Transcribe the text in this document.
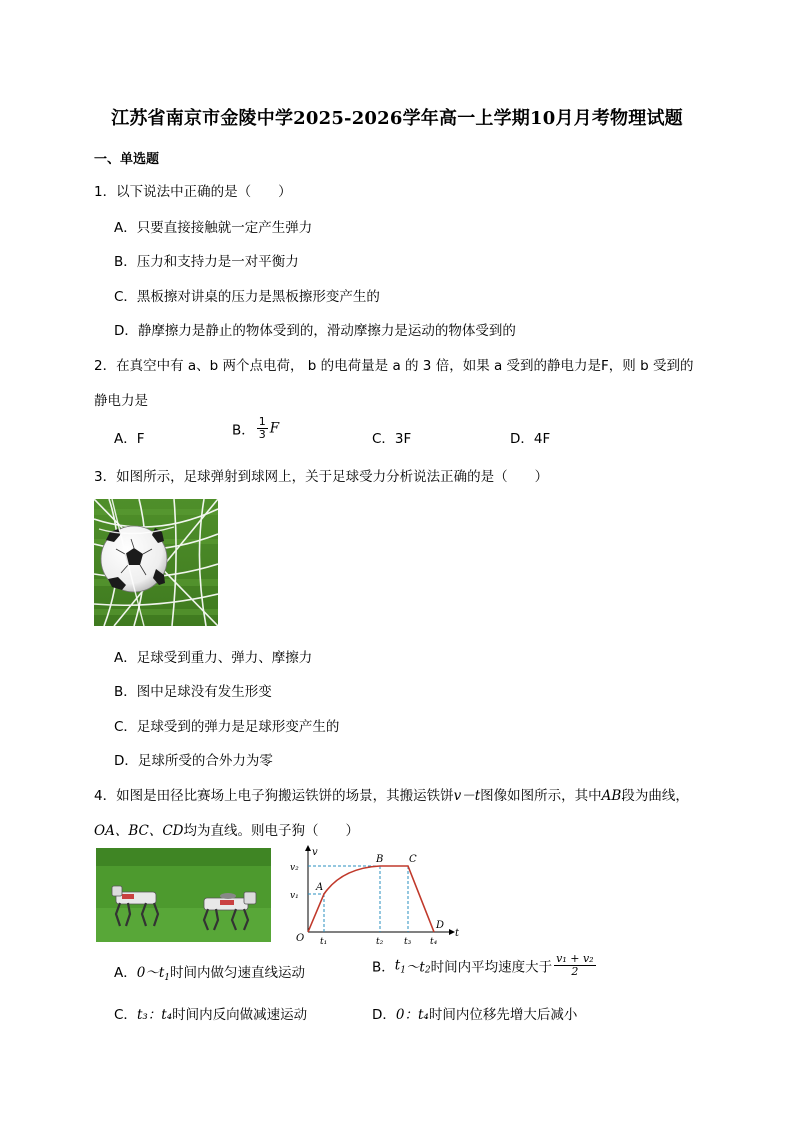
江苏省南京市金陵中学2025-2026学年高一上学期10月月考物理试题
一、单选题
1．以下说法中正确的是（　　）
A．只要直接接触就一定产生弹力
B．压力和支持力是一对平衡力
C．黑板擦对讲桌的压力是黑板擦形变产生的
D．静摩擦力是静止的物体受到的，滑动摩擦力是运动的物体受到的
2．在真空中有 a、b 两个点电荷， b 的电荷量是 a 的 3 倍，如果 a 受到的静电力是F，则 b 受到的
静电力是
A．F
B． $\frac{1}{3}$ F
C．3F	D．4F
3．如图所示，足球弹射到球网上，关于足球受力分析说法正确的是（　　）
A．足球受到重力、弹力、摩擦力
B．图中足球没有发生形变
C．足球受到的弹力是足球形变产生的
D．足球所受的合外力为零
4．如图是田径比赛场上电子狗搬运铁饼的场景，其搬运铁饼v－t图像如图所示，其中AB段为曲线，
OA、BC、CD均为直线。则电子狗（　　）
v
t
O
v₂
v₁
A
B	C
D
t₁	t₂ t₃ t₄
A．$0\sim t_1$时间内做匀速直线运动	B．$t_1\sim t_2$时间内平均速度大于 $\frac{\text{v₁ + v₂}}{2}$
C．t₃：t₄时间内反向做减速运动	D．0：t₄时间内位移先增大后减小
